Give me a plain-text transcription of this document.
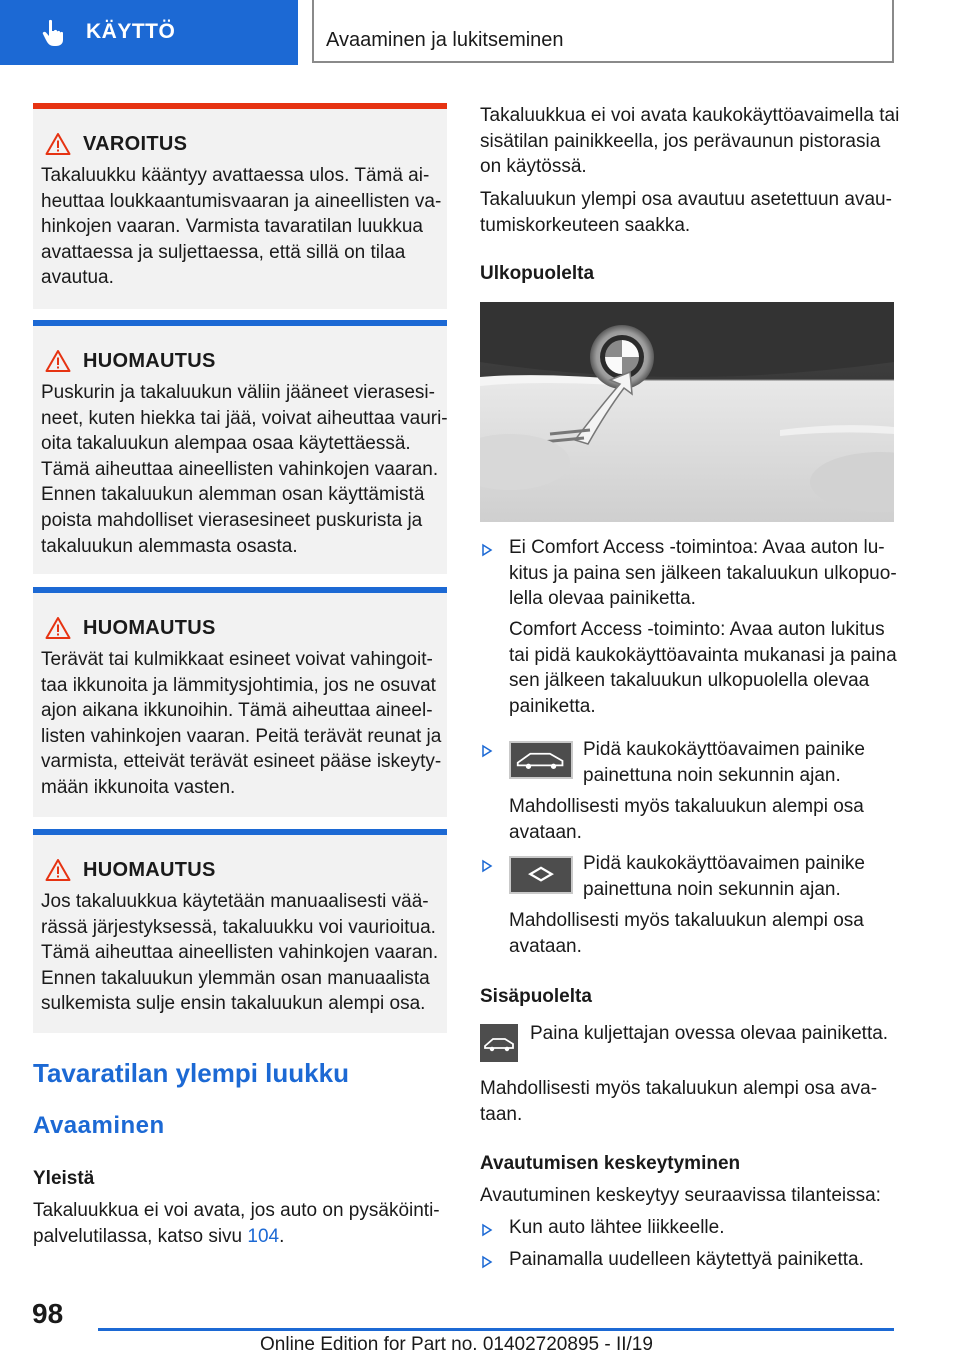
KÄYTTÖ	Avaaminen ja lukitseminen
VAROITUS
Takaluukku kääntyy avattaessa ulos. Tämä ai-
heuttaa loukkaantumisvaaran ja aineellisten va-
hinkojen vaaran. Varmista tavaratilan luukkua
avattaessa ja suljettaessa, että sillä on tilaa
avautua.
HUOMAUTUS
Puskurin ja takaluukun väliin jääneet vierasesi-
neet, kuten hiekka tai jää, voivat aiheuttaa vauri-
oita takaluukun alempaa osaa käytettäessä.
Tämä aiheuttaa aineellisten vahinkojen vaaran.
Ennen takaluukun alemman osan käyttämistä
poista mahdolliset vierasesineet puskurista ja
takaluukun alemmasta osasta.
HUOMAUTUS
Terävät tai kulmikkaat esineet voivat vahingoit-
taa ikkunoita ja lämmitysjohtimia, jos ne osuvat
ajon aikana ikkunoihin. Tämä aiheuttaa aineel-
listen vahinkojen vaaran. Peitä terävät reunat ja
varmista, etteivät terävät esineet pääse iskeyty-
mään ikkunoita vasten.
HUOMAUTUS
Jos takaluukkua käytetään manuaalisesti vää-
rässä järjestyksessä, takaluukku voi vaurioitua.
Tämä aiheuttaa aineellisten vahinkojen vaaran.
Ennen takaluukun ylemmän osan manuaalista
sulkemista sulje ensin takaluukun alempi osa.
Tavaratilan ylempi luukku
Avaaminen
Yleistä
Takaluukkua ei voi avata, jos auto on pysäköinti-
palvelutilassa, katso sivu 104.
Takaluukkua ei voi avata kaukokäyttöavaimella tai
sisätilan painikkeella, jos perävaunun pistorasia
on käytössä.
Takaluukun ylempi osa avautuu asetettuun avau-
tumiskorkeuteen saakka.
Ulkopuolelta
Ei Comfort Access -toimintoa: Avaa auton lu-
kitus ja paina sen jälkeen takaluukun ulkopuo-
lella olevaa painiketta.
Comfort Access -toiminto: Avaa auton lukitus
tai pidä kaukokäyttöavainta mukanasi ja paina
sen jälkeen takaluukun ulkopuolella olevaa
painiketta.
Pidä kaukokäyttöavaimen painike
painettuna noin sekunnin ajan.
Mahdollisesti myös takaluukun alempi osa
avataan.
Pidä kaukokäyttöavaimen painike
painettuna noin sekunnin ajan.
Mahdollisesti myös takaluukun alempi osa
avataan.
Sisäpuolelta
Paina kuljettajan ovessa olevaa painiketta.
Mahdollisesti myös takaluukun alempi osa ava-
taan.
Avautumisen keskeytyminen
Avautuminen keskeytyy seuraavissa tilanteissa:
Kun auto lähtee liikkeelle.
Painamalla uudelleen käytettyä painiketta.
98
Online Edition for Part no. 01402720895 - II/19
